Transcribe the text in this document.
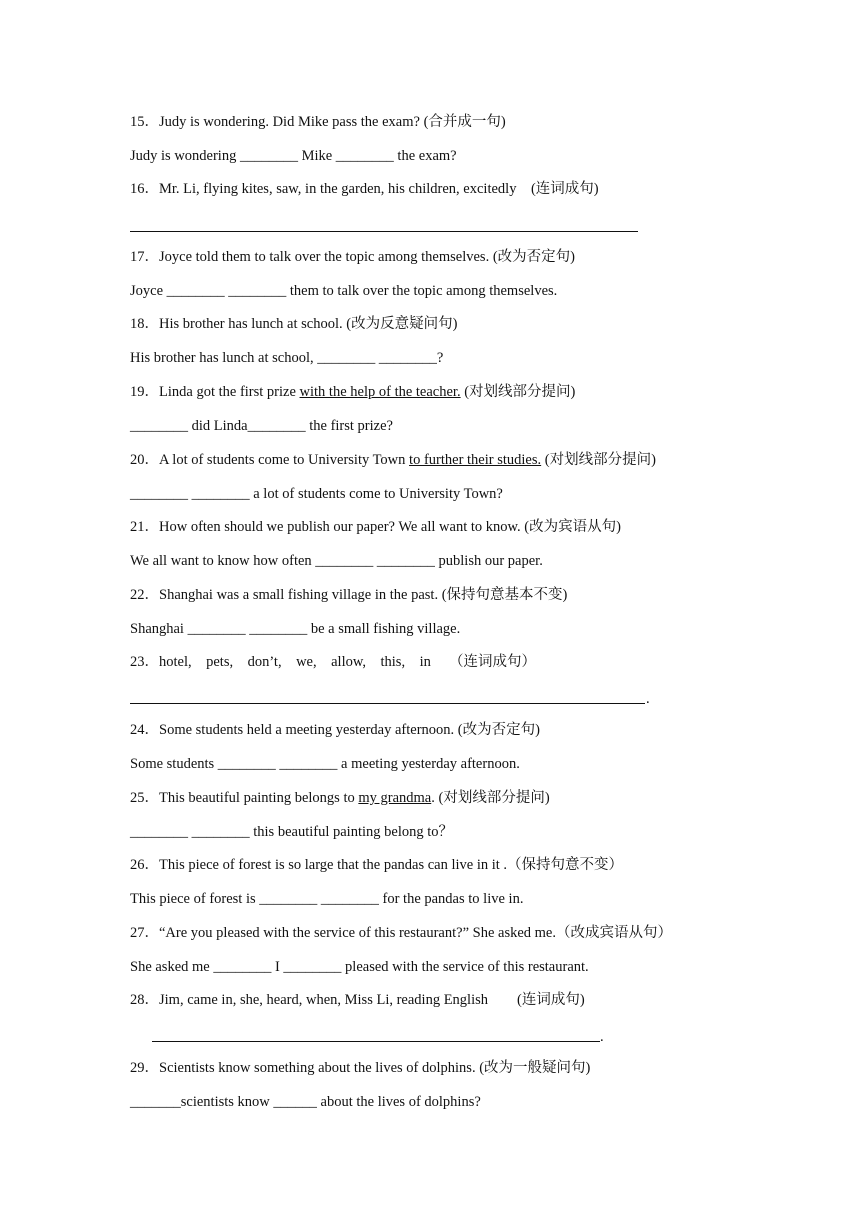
15．Judy is wondering. Did Mike pass the exam? (合并成一句)
Judy is wondering ________ Mike ________ the exam?
16．Mr. Li, flying kites, saw, in the garden, his children, excitedly    (连词成句)
17．Joyce told them to talk over the topic among themselves. (改为否定句)
Joyce ________ ________ them to talk over the topic among themselves.
18．His brother has lunch at school. (改为反意疑问句)
His brother has lunch at school, ________ ________?
19．Linda got the first prize with the help of the teacher. (对划线部分提问)
________ did Linda________ the first prize?
20．A lot of students come to University Town to further their studies. (对划线部分提问)
________ ________ a lot of students come to University Town?
21．How often should we publish our paper? We all want to know. (改为宾语从句)
We all want to know how often ________ ________ publish our paper.
22．Shanghai was a small fishing village in the past. (保持句意基本不变)
Shanghai ________ ________ be a small fishing village.
23．hotel,    pets,    don’t,    we,    allow,    this,    in     （连词成句）
.
24．Some students held a meeting yesterday afternoon. (改为否定句)
Some students ________ ________ a meeting yesterday afternoon.
25．This beautiful painting belongs to my grandma. (对划线部分提问)
________ ________ this beautiful painting belong to？
26．This piece of forest is so large that the pandas can live in it .（保持句意不变）
This piece of forest is ________ ________ for the pandas to live in.
27．“Are you pleased with the service of this restaurant?” She asked me.（改成宾语从句）
She asked me ________ I ________ pleased with the service of this restaurant.
28．Jim, came in, she, heard, when, Miss Li, reading English        (连词成句)
.
29．Scientists know something about the lives of dolphins. (改为一般疑问句)
_______scientists know ______ about the lives of dolphins?
